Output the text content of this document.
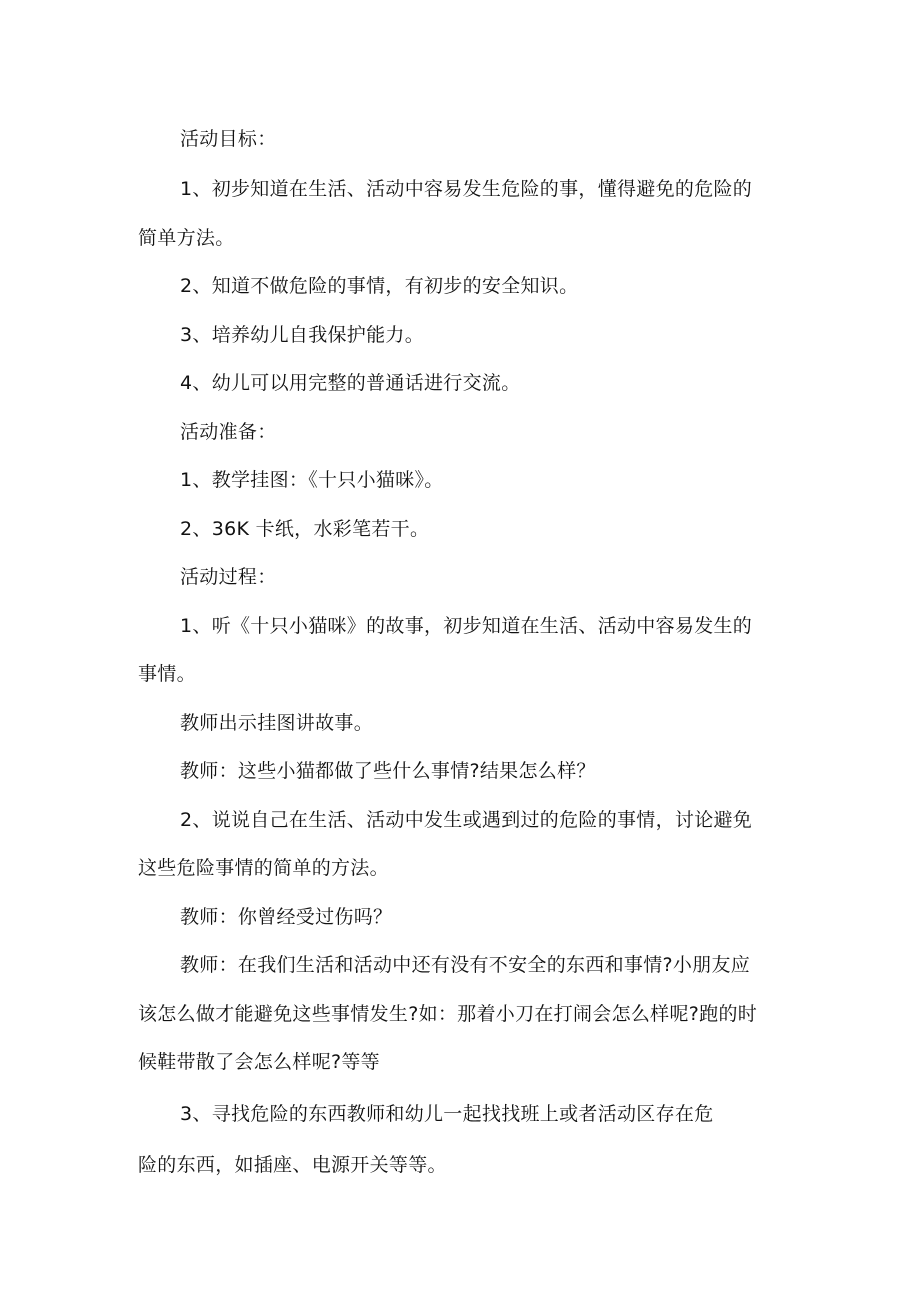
活动目标：
1、初步知道在生活、活动中容易发生危险的事，懂得避免的危险的
简单方法。
2、知道不做危险的事情，有初步的安全知识。
3、培养幼儿自我保护能力。
4、幼儿可以用完整的普通话进行交流。
活动准备：
1、教学挂图：《十只小猫咪》。
2、36K 卡纸，水彩笔若干。
活动过程：
1、听《十只小猫咪》的故事，初步知道在生活、活动中容易发生的
事情。
教师出示挂图讲故事。
教师：这些小猫都做了些什么事情?结果怎么样？
2、说说自己在生活、活动中发生或遇到过的危险的事情，讨论避免
这些危险事情的简单的方法。
教师：你曾经受过伤吗？
教师：在我们生活和活动中还有没有不安全的东西和事情?小朋友应
该怎么做才能避免这些事情发生?如：那着小刀在打闹会怎么样呢?跑的时
候鞋带散了会怎么样呢?等等
3、寻找危险的东西教师和幼儿一起找找班上或者活动区存在危
险的东西，如插座、电源开关等等。
